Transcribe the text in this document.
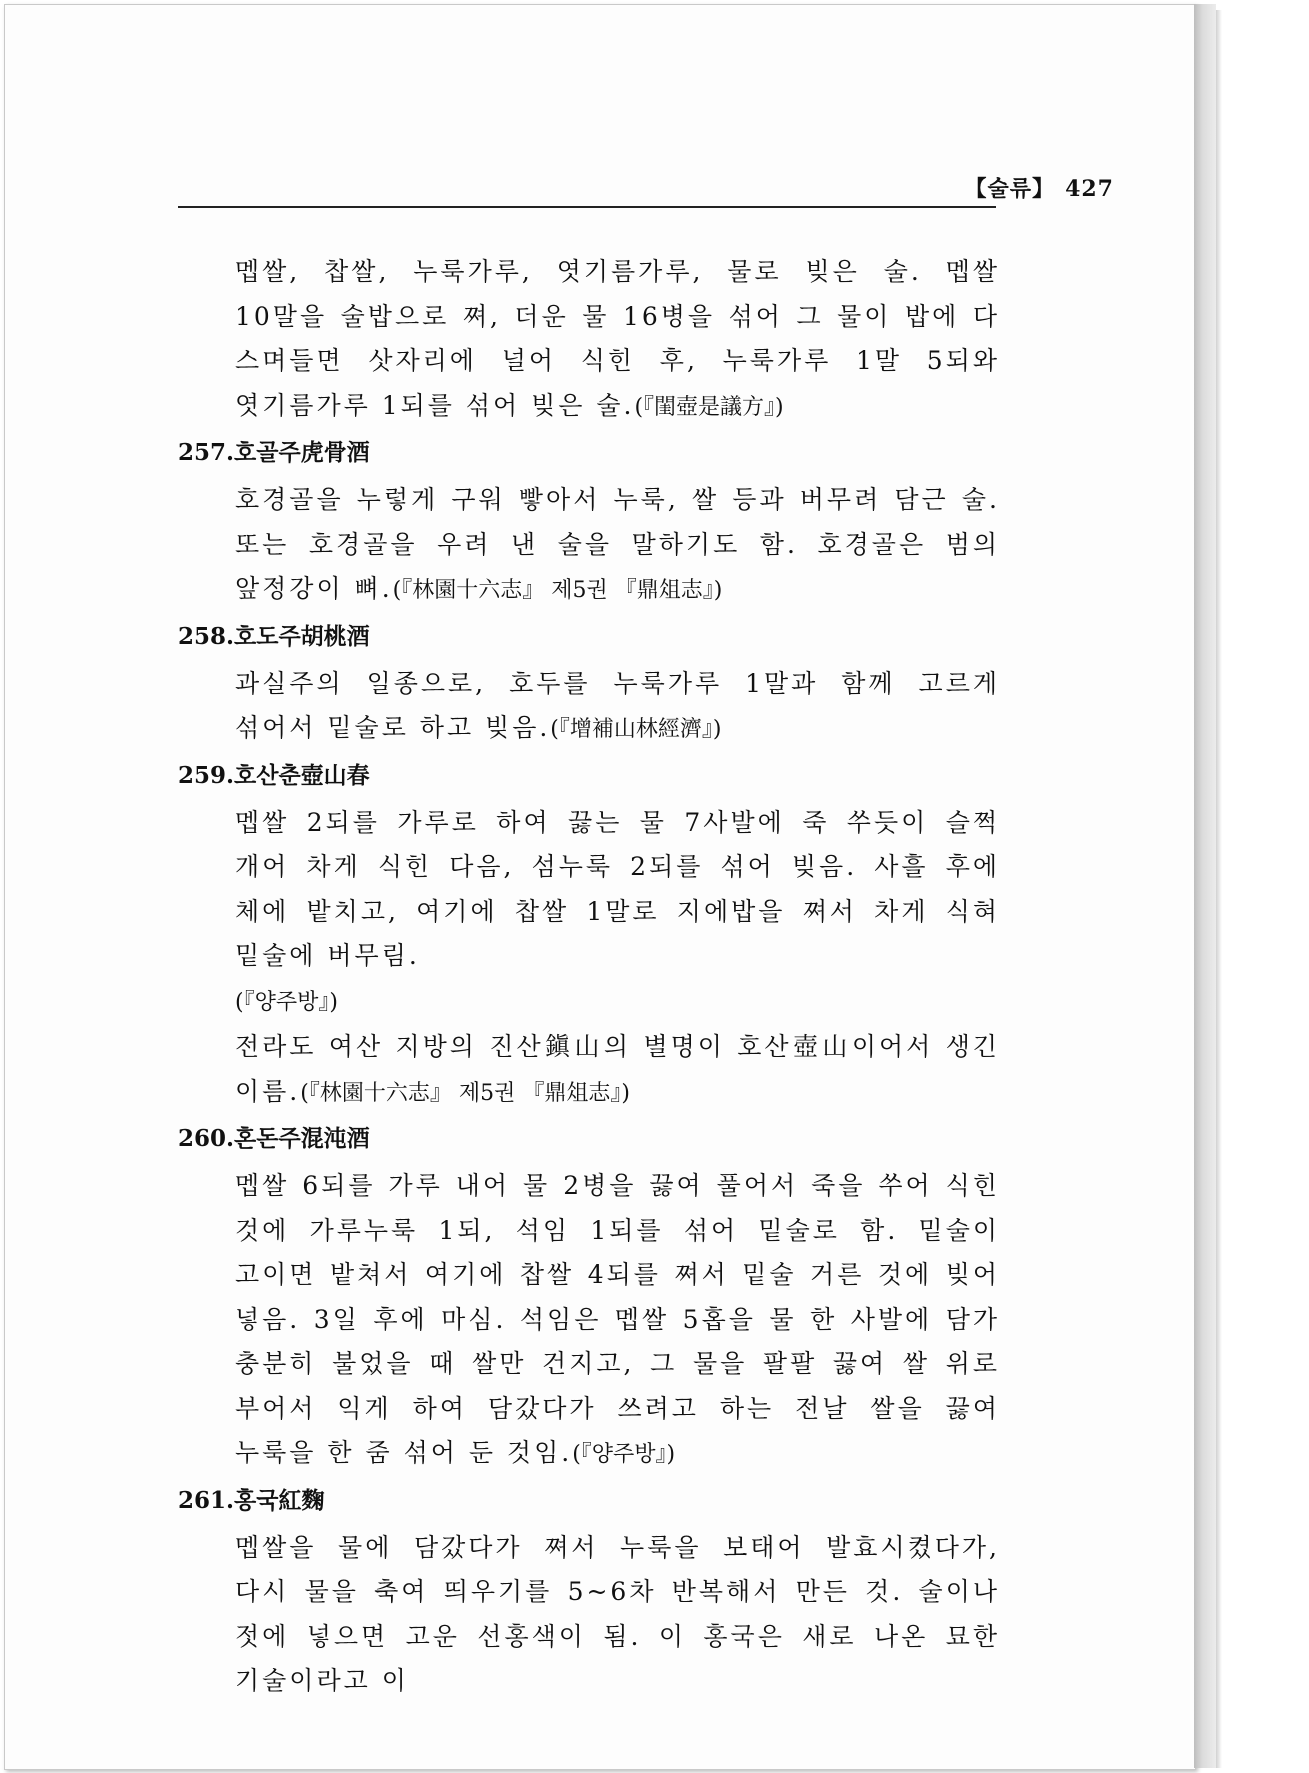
【술류】 427

멥쌀, 찹쌀, 누룩가루, 엿기름가루, 물로 빚은 술. 멥쌀 10말을 술밥으로 쪄, 더운 물 16병을 섞어 그 물이 밥에 다 스며들면 삿자리에 널어 식힌 후, 누룩가루 1말 5되와 엿기름가루 1되를 섞어 빚은 술.(『閨壺是議方』)

257.호골주虎骨酒

호경골을 누렇게 구워 빻아서 누룩, 쌀 등과 버무려 담근 술. 또는 호경골을 우려 낸 술을 말하기도 함. 호경골은 범의 앞정강이 뼈.(『林園十六志』 제5권 『鼎俎志』)

258.호도주胡桃酒

과실주의 일종으로, 호두를 누룩가루 1말과 함께 고르게 섞어서 밑술로 하고 빚음.(『增補山林經濟』)

259.호산춘壺山春

멥쌀 2되를 가루로 하여 끓는 물 7사발에 죽 쑤듯이 슬쩍 개어 차게 식힌 다음, 섬누룩 2되를 섞어 빚음. 사흘 후에 체에 밭치고, 여기에 찹쌀 1말로 지에밥을 쪄서 차게 식혀 밑술에 버무림.
(『양주방』)

전라도 여산 지방의 진산鎭山의 별명이 호산壺山이어서 생긴 이름.(『林園十六志』 제5권 『鼎俎志』)

260.혼돈주混沌酒

멥쌀 6되를 가루 내어 물 2병을 끓여 풀어서 죽을 쑤어 식힌 것에 가루누룩 1되, 석임 1되를 섞어 밑술로 함. 밑술이 고이면 밭쳐서 여기에 찹쌀 4되를 쪄서 밑술 거른 것에 빚어 넣음. 3일 후에 마심. 석임은 멥쌀 5홉을 물 한 사발에 담가 충분히 불었을 때 쌀만 건지고, 그 물을 팔팔 끓여 쌀 위로 부어서 익게 하여 담갔다가 쓰려고 하는 전날 쌀을 끓여 누룩을 한 줌 섞어 둔 것임.(『양주방』)

261.홍국紅麴

멥쌀을 물에 담갔다가 쪄서 누룩을 보태어 발효시켰다가, 다시 물을 축여 띄우기를 5~6차 반복해서 만든 것. 술이나 젓에 넣으면 고운 선홍색이 됨. 이 홍국은 새로 나온 묘한 기술이라고 이
